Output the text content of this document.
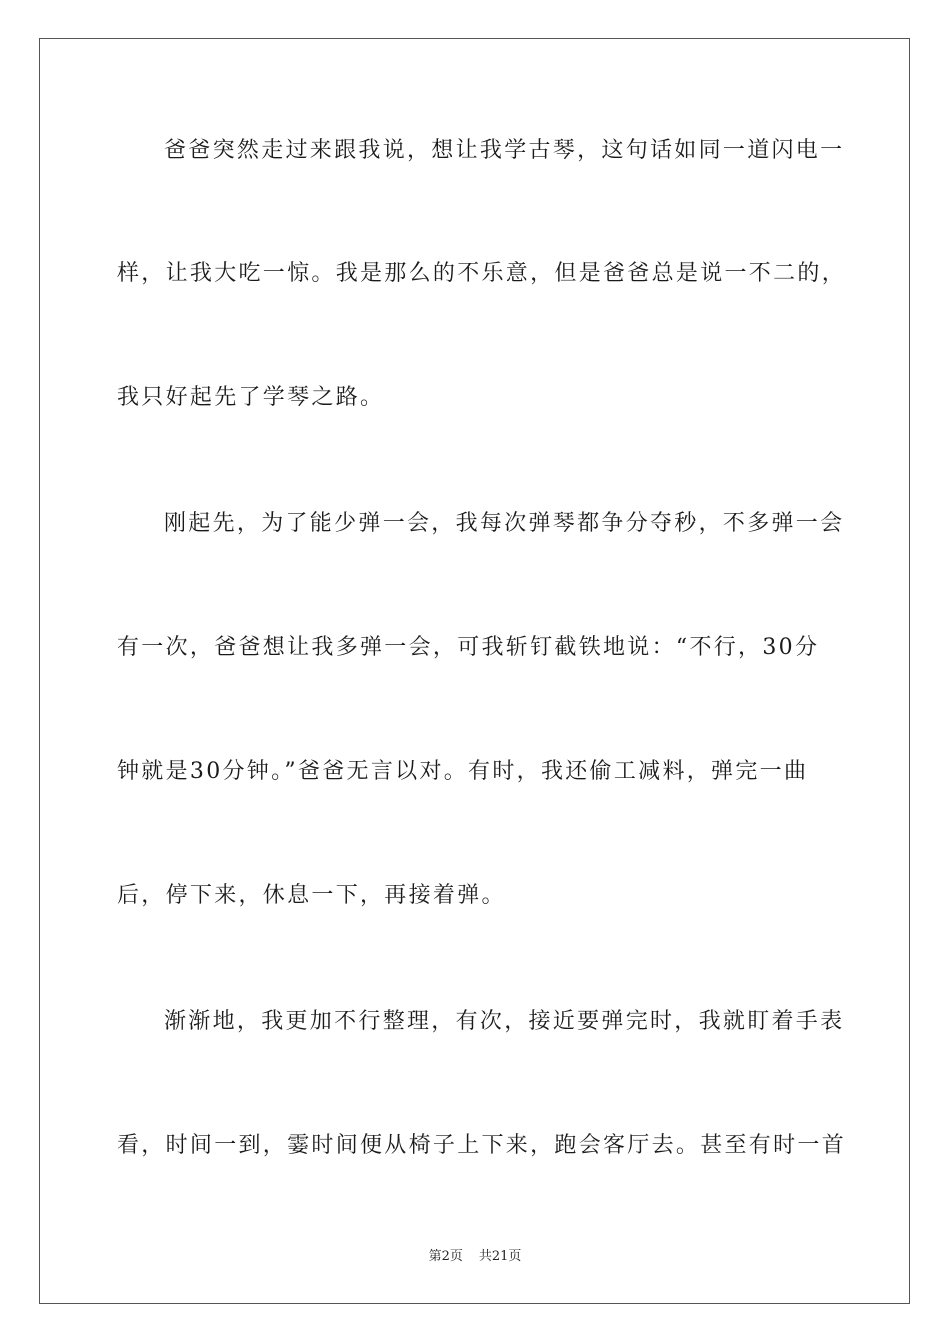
爸爸突然走过来跟我说，想让我学古琴，这句话如同一道闪电一
样，让我大吃一惊。我是那么的不乐意，但是爸爸总是说一不二的，
我只好起先了学琴之路。
刚起先，为了能少弹一会，我每次弹琴都争分夺秒，不多弹一会
有一次，爸爸想让我多弹一会，可我斩钉截铁地说：“不行，30分
钟就是30分钟。”爸爸无言以对。有时，我还偷工减料，弹完一曲
后，停下来，休息一下，再接着弹。
渐渐地，我更加不行整理，有次，接近要弹完时，我就盯着手表
看，时间一到，霎时间便从椅子上下来，跑会客厅去。甚至有时一首
第2页 共21页
